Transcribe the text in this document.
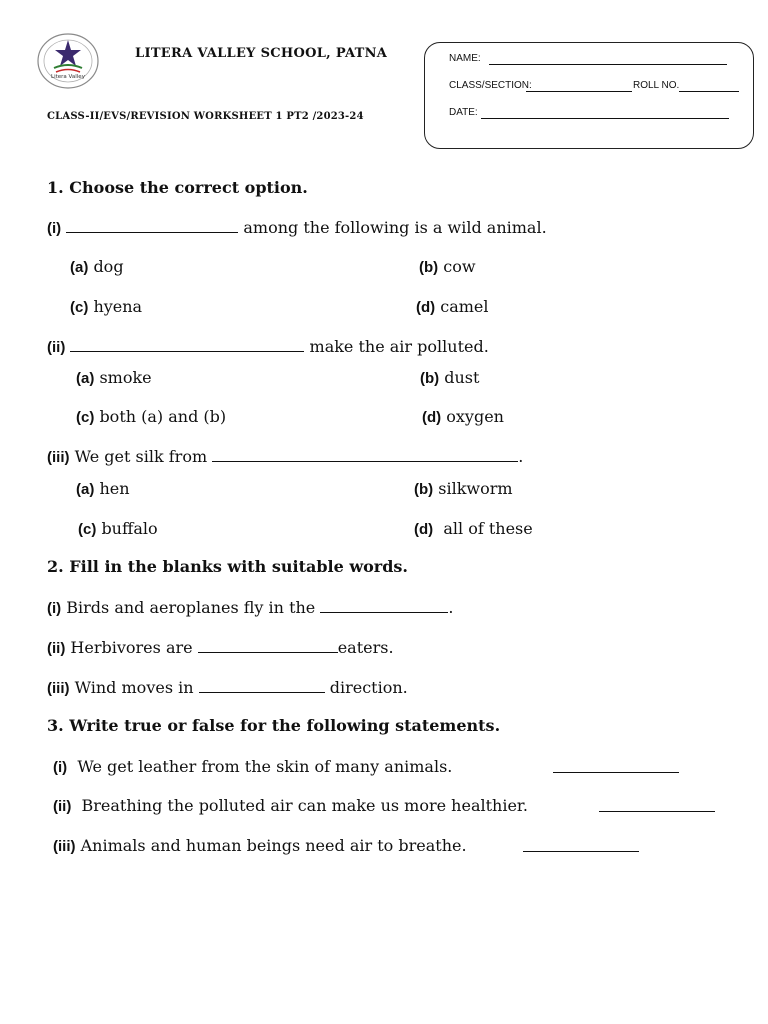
Litera Valley
LITERA VALLEY SCHOOL, PATNA
CLASS-II/EVS/REVISION WORKSHEET 1 PT2 /2023-24
NAME:
CLASS/SECTION:	ROLL NO.
DATE:
1. Choose the correct option.
(i)	among the following is a wild animal.
(a) dog	(b) cow
(c) hyena	(d) camel
(ii)	make the air polluted.
(a) smoke	(b) dust
(c) both (a) and (b)	(d) oxygen
(iii) We get silk from	.
(a) hen	(b) silkworm
(c) buffalo	(d) all of these
2. Fill in the blanks with suitable words.
(i) Birds and aeroplanes fly in the	.
(ii) Herbivores are	eaters.
(iii) Wind moves in	direction.
3. Write true or false for the following statements.
(i) We get leather from the skin of many animals.
(ii) Breathing the polluted air can make us more healthier.
(iii) Animals and human beings need air to breathe.
